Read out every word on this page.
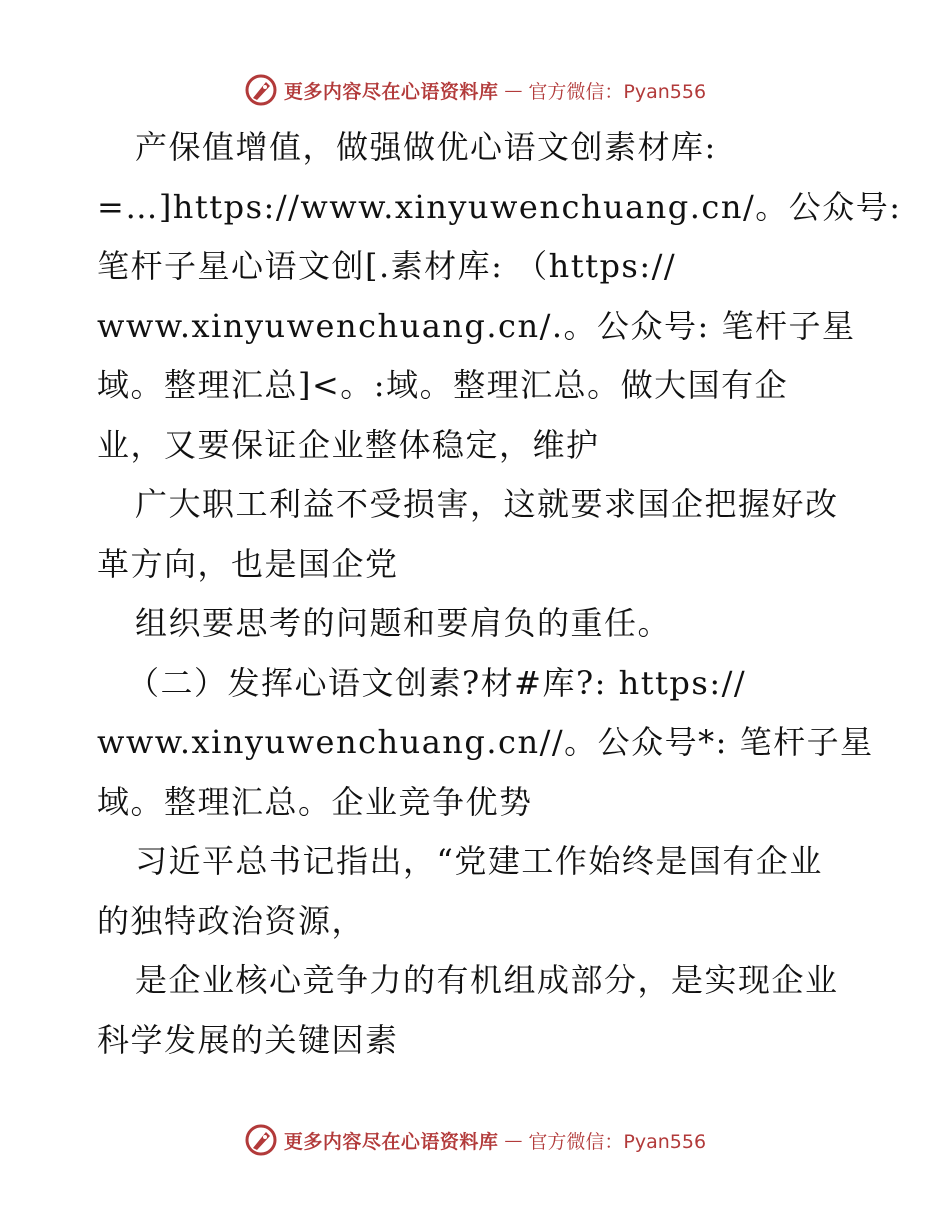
更多内容尽在心语资料库 — 官方微信：Pyan556
产保值增值，做强做优心语文创素材库:
=…]https://www.xinyuwenchuang.cn/。公众号:
笔杆子星心语文创[.素材库: （https://
www.xinyuwenchuang.cn/.。公众号: 笔杆子星
域。整理汇总]<。:域。整理汇总。做大国有企
业，又要保证企业整体稳定，维护
广大职工利益不受损害，这就要求国企把握好改
革方向，也是国企党
组织要思考的问题和要肩负的重任。
（二）发挥心语文创素?材#库?: https://
www.xinyuwenchuang.cn//。公众号*: 笔杆子星
域。整理汇总。企业竞争优势
习近平总书记指出，“党建工作始终是国有企业
的独特政治资源，
是企业核心竞争力的有机组成部分，是实现企业
科学发展的关键因素
更多内容尽在心语资料库 — 官方微信：Pyan556
